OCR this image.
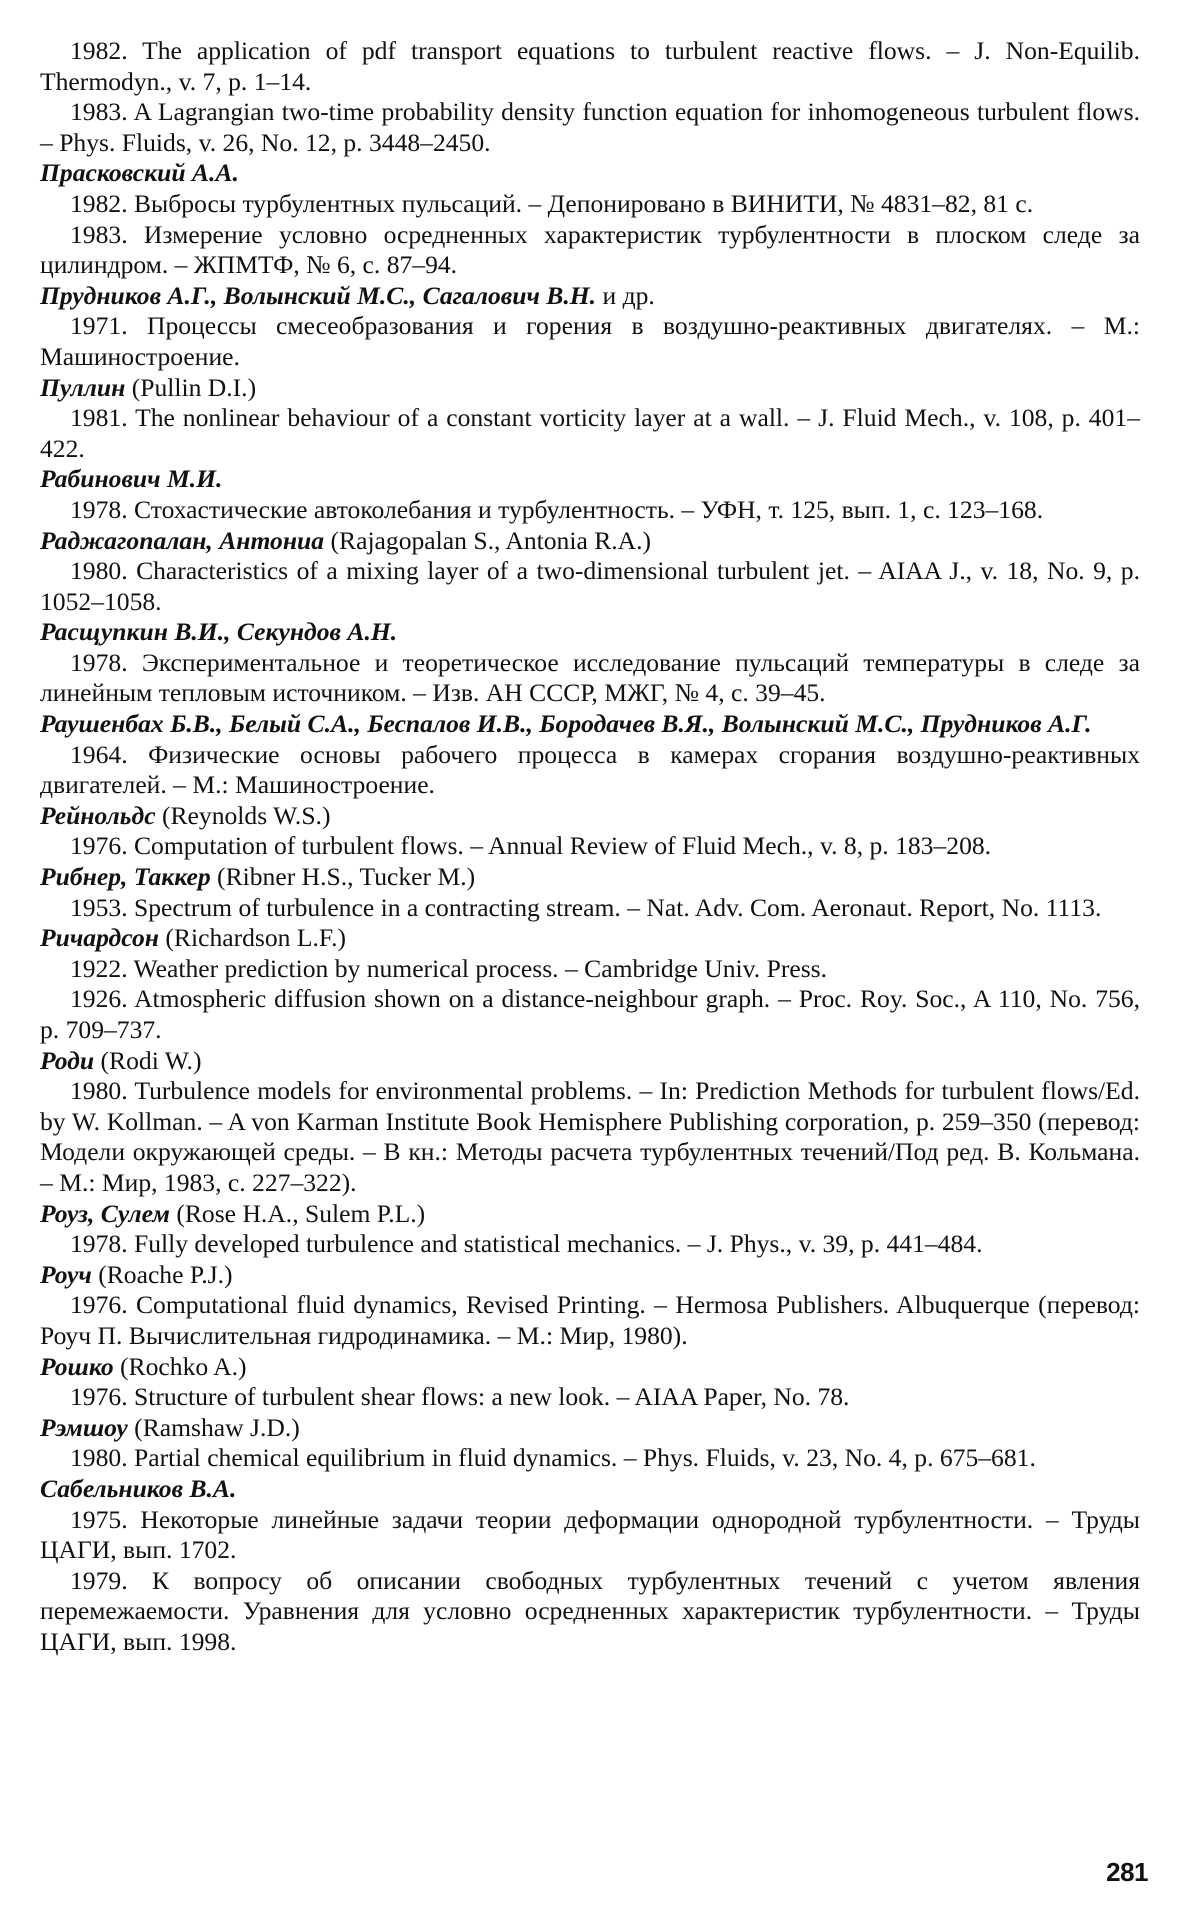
1982. The application of pdf transport equations to turbulent reactive flows. – J. Non-Equilib. Thermodyn., v. 7, p. 1–14.
1983. A Lagrangian two-time probability density function equation for inhomogeneous turbulent flows. – Phys. Fluids, v. 26, No. 12, p. 3448–2450.
Прасковский А.А.
1982. Выбросы турбулентных пульсаций. – Депонировано в ВИНИТИ, № 4831–82, 81 с.
1983. Измерение условно осредненных характеристик турбулентности в плоском следе за цилиндром. – ЖПМТФ, № 6, с. 87–94.
Прудников А.Г., Волынский М.С., Сагалович В.Н. и др.
1971. Процессы смесеобразования и горения в воздушно-реактивных двигателях. – М.: Машиностроение.
Пуллин (Pullin D.I.)
1981. The nonlinear behaviour of a constant vorticity layer at a wall. – J. Fluid Mech., v. 108, p. 401–422.
Рабинович М.И.
1978. Стохастические автоколебания и турбулентность. – УФН, т. 125, вып. 1, с. 123–168.
Раджагопалан, Антониа (Rajagopalan S., Antonia R.A.)
1980. Characteristics of a mixing layer of a two-dimensional turbulent jet. – AIAA J., v. 18, No. 9, p. 1052–1058.
Расщупкин В.И., Секундов А.Н.
1978. Экспериментальное и теоретическое исследование пульсаций температуры в следе за линейным тепловым источником. – Изв. АН СССР, МЖГ, № 4, с. 39–45.
Раушенбах Б.В., Белый С.А., Беспалов И.В., Бородачев В.Я., Волынский М.С., Прудников А.Г.
1964. Физические основы рабочего процесса в камерах сгорания воздушно-реактивных двигателей. – М.: Машиностроение.
Рейнольдс (Reynolds W.S.)
1976. Computation of turbulent flows. – Annual Review of Fluid Mech., v. 8, p. 183–208.
Рибнер, Таккер (Ribner H.S., Tucker M.)
1953. Spectrum of turbulence in a contracting stream. – Nat. Adv. Com. Aeronaut. Report, No. 1113.
Ричардсон (Richardson L.F.)
1922. Weather prediction by numerical process. – Cambridge Univ. Press.
1926. Atmospheric diffusion shown on a distance-neighbour graph. – Proc. Roy. Soc., A 110, No. 756, p. 709–737.
Роди (Rodi W.)
1980. Turbulence models for environmental problems. – In: Prediction Methods for turbulent flows/Ed. by W. Kollman. – A von Karman Institute Book Hemisphere Publishing corporation, p. 259–350 (перевод: Модели окружающей среды. – В кн.: Методы расчета турбулентных течений/Под ред. В. Кольмана. – М.: Мир, 1983, с. 227–322).
Роуз, Сулем (Rose H.A., Sulem P.L.)
1978. Fully developed turbulence and statistical mechanics. – J. Phys., v. 39, p. 441–484.
Роуч (Roache P.J.)
1976. Computational fluid dynamics, Revised Printing. – Hermosa Publishers. Albuquerque (перевод: Роуч П. Вычислительная гидродинамика. – М.: Мир, 1980).
Рошко (Rochko A.)
1976. Structure of turbulent shear flows: a new look. – AIAA Paper, No. 78.
Рэмшоу (Ramshaw J.D.)
1980. Partial chemical equilibrium in fluid dynamics. – Phys. Fluids, v. 23, No. 4, p. 675–681.
Сабельников В.А.
1975. Некоторые линейные задачи теории деформации однородной турбулентности. – Труды ЦАГИ, вып. 1702.
1979. К вопросу об описании свободных турбулентных течений с учетом явления перемежаемости. Уравнения для условно осредненных характеристик турбулентности. – Труды ЦАГИ, вып. 1998.
281
